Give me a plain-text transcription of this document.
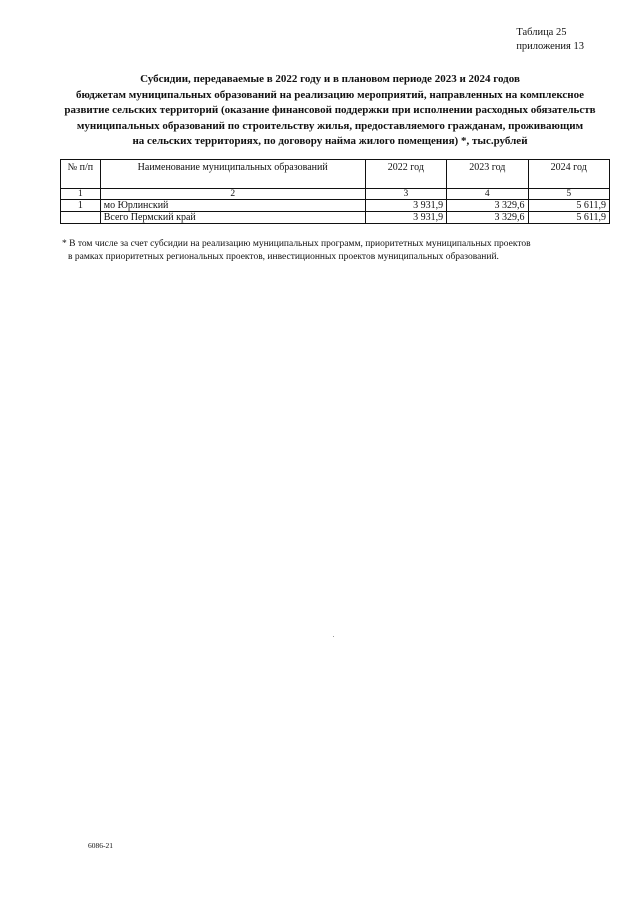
Таблица 25
приложения 13
Субсидии, передаваемые в 2022 году и в плановом периоде 2023 и 2024 годов
бюджетам муниципальных образований на реализацию мероприятий, направленных на комплексное
развитие сельских территорий (оказание финансовой поддержки при исполнении расходных обязательств
муниципальных образований по строительству жилья, предоставляемого гражданам, проживающим
на сельских территориях, по договору найма жилого помещения) *, тыс.рублей
№ п/п	Наименование муниципальных образований	2022 год	2023 год	2024 год
1	2	3	4	5
1	мо Юрлинский	3 931,9	3 329,6	5 611,9
	Всего Пермский край	3 931,9	3 329,6	5 611,9
* В том числе за счет субсидии на реализацию муниципальных программ, приоритетных муниципальных проектов
в рамках приоритетных региональных проектов, инвестиционных проектов муниципальных образований.
6086-21
